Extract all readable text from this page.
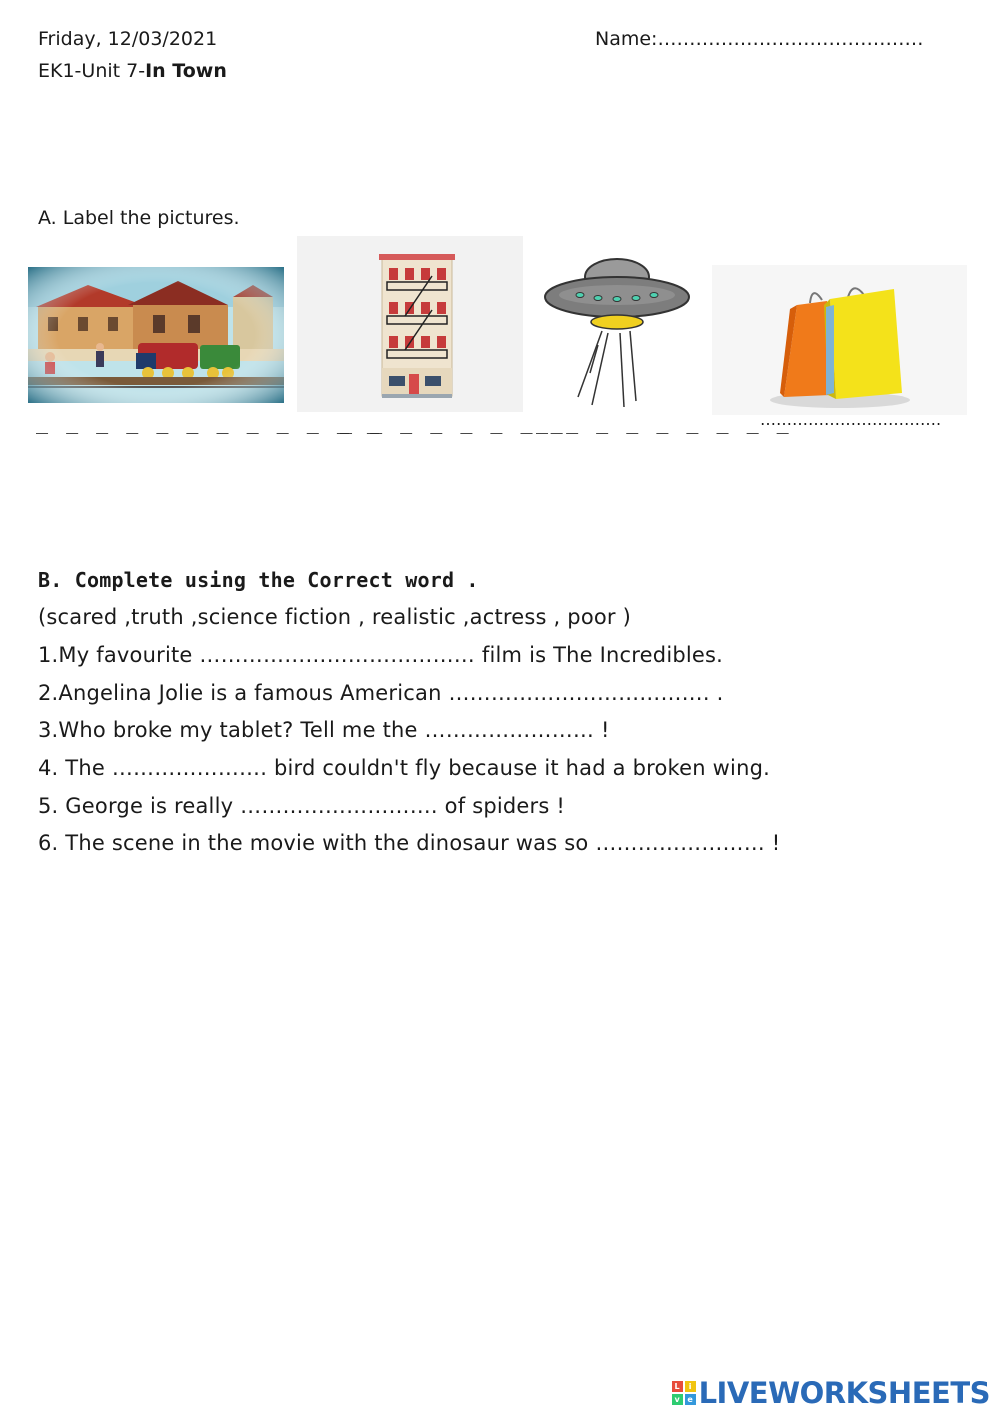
Friday, 12/03/2021
EK1-Unit 7-In Town
Name:……………………………………
A. Label the pictures.
_ _ _ _ _ _ _ _ _ _ _ _
_ _ _ _ _ _ _ _
_ _ _ _ _ _ _ _ _
…………………………….
B. Complete using the Correct word .
(scared ,truth ,science fiction , realistic ,actress , poor )
1.My favourite ………………………………… film is The Incredibles.
2.Angelina Jolie is a famous American ………………………………. .
3.Who broke my tablet? Tell me the …………………… !
4. The …………………. bird couldn't fly because it had a broken wing.
5. George is really ………………………. of spiders !
6. The scene in the movie with the dinosaur was so …………………… !
L	i
v e LIVEWORKSHEETS
